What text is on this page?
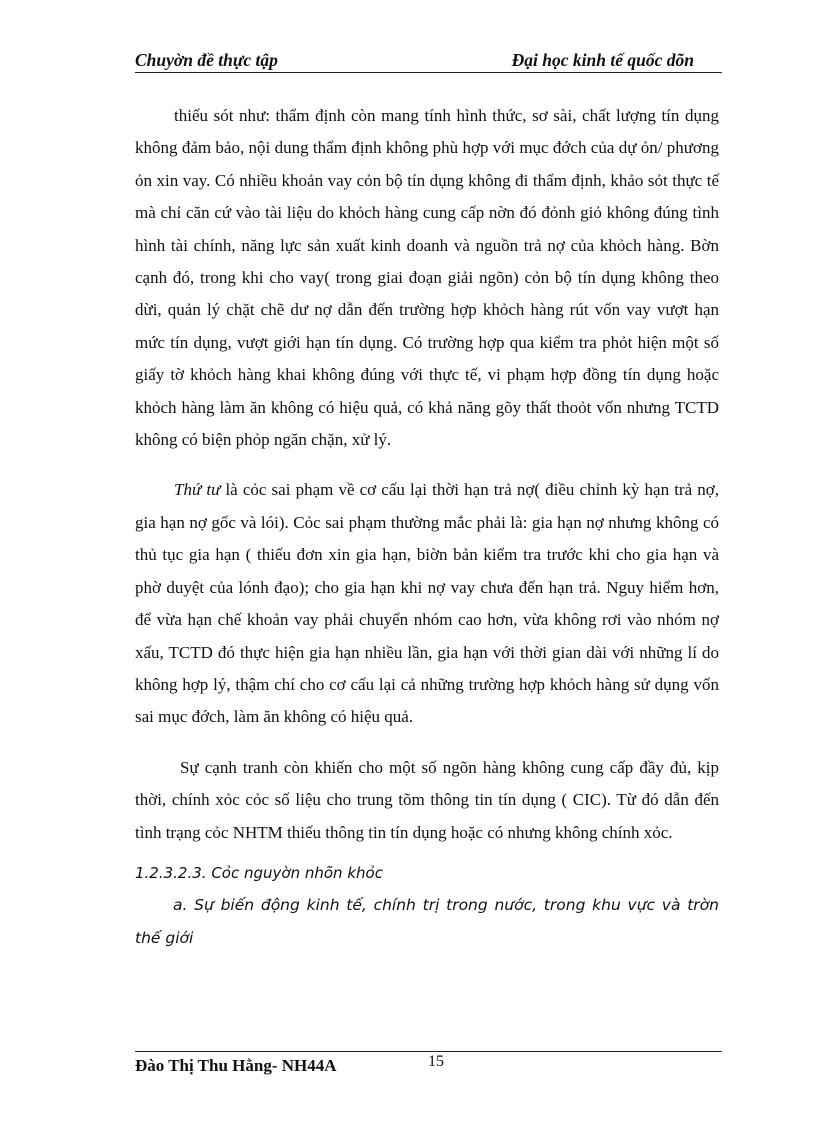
Chuyờn đề thực tập	Đại học kinh tế quốc dõn

thiếu sót như: thẩm định còn mang tính hình thức, sơ sài, chất lượng tín dụng không đảm bảo, nội dung thẩm định không phù hợp với mục đớch của dự ỏn/ phương ỏn xin vay. Có nhiều khoản vay cỏn bộ tín dụng không đi thẩm định, khảo sỏt thực tế mà chỉ căn cứ vào tài liệu do khỏch hàng cung cấp nờn đó đỏnh giỏ không đúng tình hình tài chính, năng lực sản xuất kinh doanh và nguồn trả nợ của khỏch hàng. Bờn cạnh đó, trong khi cho vay( trong giai đoạn giải ngõn) cỏn bộ tín dụng không theo dừi, quản lý chặt chẽ dư nợ dẫn đến trường hợp khỏch hàng rút vốn vay vượt hạn mức tín dụng, vượt giới hạn tín dụng. Có trường hợp qua kiểm tra phỏt hiện một số giấy tờ khỏch hàng khai không đúng với thực tế, vi phạm hợp đồng tín dụng hoặc khỏch hàng làm ăn không có hiệu quả, có khả năng gõy thất thoỏt vốn nhưng TCTD không có biện phỏp ngăn chặn, xử lý.

Thứ tư là cỏc sai phạm về cơ cấu lại thời hạn trả nợ( điều chỉnh kỳ hạn trả nợ, gia hạn nợ gốc và lói). Cỏc sai phạm thường mắc phải là: gia hạn nợ nhưng không có thủ tục gia hạn ( thiếu đơn xin gia hạn, biờn bản kiểm tra trước khi cho gia hạn và phờ duyệt của lónh đạo); cho gia hạn khi nợ vay chưa đến hạn trả. Nguy hiểm hơn, để vừa hạn chế khoản vay phải chuyển nhóm cao hơn, vừa không rơi vào nhóm nợ xấu, TCTD đó thực hiện gia hạn nhiều lần, gia hạn với thời gian dài với những lí do không hợp lý, thậm chí cho cơ cấu lại cả những trường hợp khỏch hàng sử dụng vốn sai mục đớch, làm ăn không có hiệu quả.

Sự cạnh tranh còn khiến cho một số ngõn hàng không cung cấp đầy đủ, kịp thời, chính xỏc cỏc số liệu cho trung tõm thông tin tín dụng ( CIC). Từ đó dẫn đến tình trạng cỏc NHTM thiếu thông tin tín dụng hoặc có nhưng không chính xỏc.

1.2.3.2.3. Cỏc nguyờn nhõn khỏc

a. Sự biến động kinh tế, chính trị trong nước, trong khu vực và trờn thế giới

Đào Thị Thu Hằng- NH44A	15
